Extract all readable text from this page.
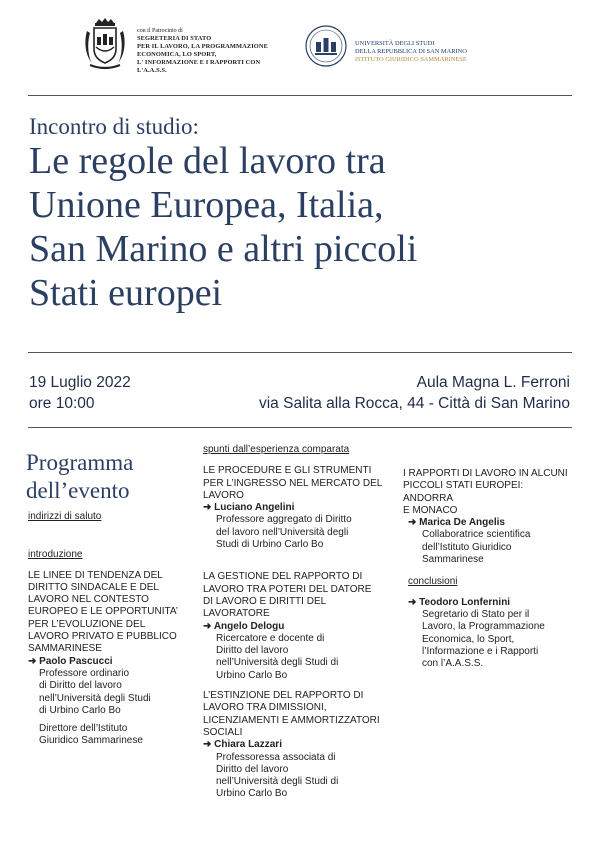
con il Patrocinio di
SEGRETERIA DI STATO
PER IL LAVORO, LA PROGRAMMAZIONE
ECONOMICA, LO SPORT,
L' INFORMAZIONE E I RAPPORTI CON
L'A.A.S.S.
UNIVERSITÀ DEGLI STUDI
DELLA REPUBBLICA DI SAN MARINO
ISTITUTO GIURIDICO SAMMARINESE
Incontro di studio:
Le regole del lavoro tra
Unione Europea, Italia,
San Marino e altri piccoli
Stati europei
19 Luglio 2022
ore 10:00
Aula Magna L. Ferroni
via Salita alla Rocca, 44 - Città di San Marino
Programma
dell’evento
indirizzi di saluto
introduzione
LE LINEE DI TENDENZA DEL
DIRITTO SINDACALE E DEL
LAVORO NEL CONTESTO
EUROPEO E LE OPPORTUNITA’
PER L’EVOLUZIONE DEL
LAVORO PRIVATO E PUBBLICO
SAMMARINESE
➜ Paolo Pascucci
Professore ordinario
di Diritto del lavoro
nell’Università degli Studi
di Urbino Carlo Bo
Direttore dell’Istituto
Giuridico Sammarinese
spunti dall’esperienza comparata
LE PROCEDURE E GLI STRUMENTI
PER L’INGRESSO NEL MERCATO DEL
LAVORO
➜ Luciano Angelini
Professore aggregato di Diritto
del lavoro nell’Università degli
Studi di Urbino Carlo Bo
LA GESTIONE DEL RAPPORTO DI
LAVORO TRA POTERI DEL DATORE
DI LAVORO E DIRITTI DEL
LAVORATORE
➜ Angelo Delogu
Ricercatore e docente di
Diritto del lavoro
nell’Università degli Studi di
Urbino Carlo Bo
L’ESTINZIONE DEL RAPPORTO DI
LAVORO TRA DIMISSIONI,
LICENZIAMENTI E AMMORTIZZATORI
SOCIALI
➜ Chiara Lazzari
Professoressa associata di
Diritto del lavoro
nell’Università degli Studi di
Urbino Carlo Bo
I RAPPORTI DI LAVORO IN ALCUNI
PICCOLI STATI EUROPEI: ANDORRA
E MONACO
➜ Marica De Angelis
Collaboratrice scientifica
dell’Istituto Giuridico
Sammarinese
conclusioni
➜ Teodoro Lonfernini
Segretario di Stato per il
Lavoro, la Programmazione
Economica, lo Sport,
l’Informazione e i Rapporti
con l’A.A.S.S.
